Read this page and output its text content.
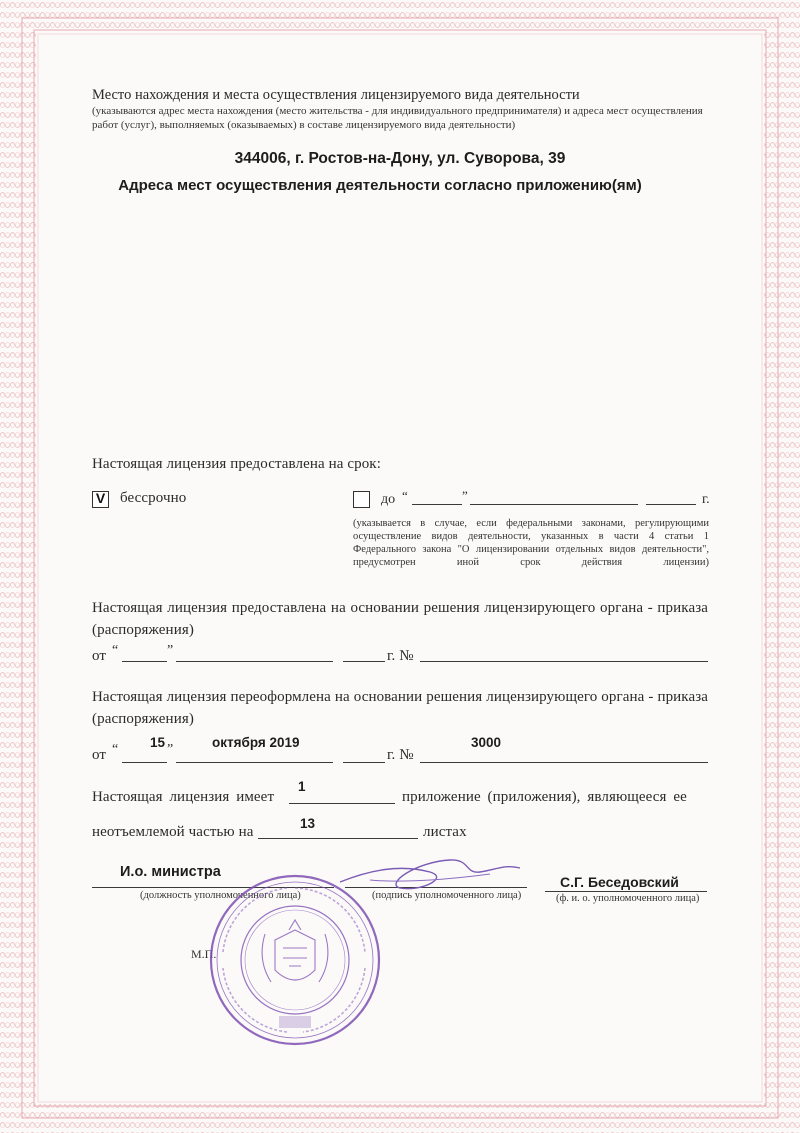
Место нахождения и места осуществления лицензируемого вида деятельности
(указываются адрес места нахождения (место жительства - для индивидуального предпринимателя) и адреса мест осуществления работ (услуг), выполняемых (оказываемых) в составе лицензируемого вида деятельности)
344006, г. Ростов-на-Дону, ул. Суворова, 39
Адреса мест осуществления деятельности согласно приложению(ям)
Настоящая лицензия предоставлена на срок:
V бессрочно	до “	”	г.
(указывается в случае, если федеральными законами, регулирующими осуществление видов деятельности, указанных в части 4 статьи 1 Федерального закона "О лицензировании отдельных видов деятельности", предусмотрен иной срок действия лицензии)
Настоящая лицензия предоставлена на основании решения лицензирующего органа - приказа (распоряжения)
от “	”	г. №
Настоящая лицензия переоформлена на основании решения лицензирующего органа - приказа (распоряжения)
от “ 15 ”	октября 2019
г. №
3000
Настоящая лицензия имеет
1
приложение (приложения), являющееся ее
неотъемлемой частью на
13
листах
И.о. министра
(должность уполномоченного лица)	(подпись уполномоченного лица)
С.Г. Беседовский
(ф. и. о. уполномоченного лица)
М.П.
